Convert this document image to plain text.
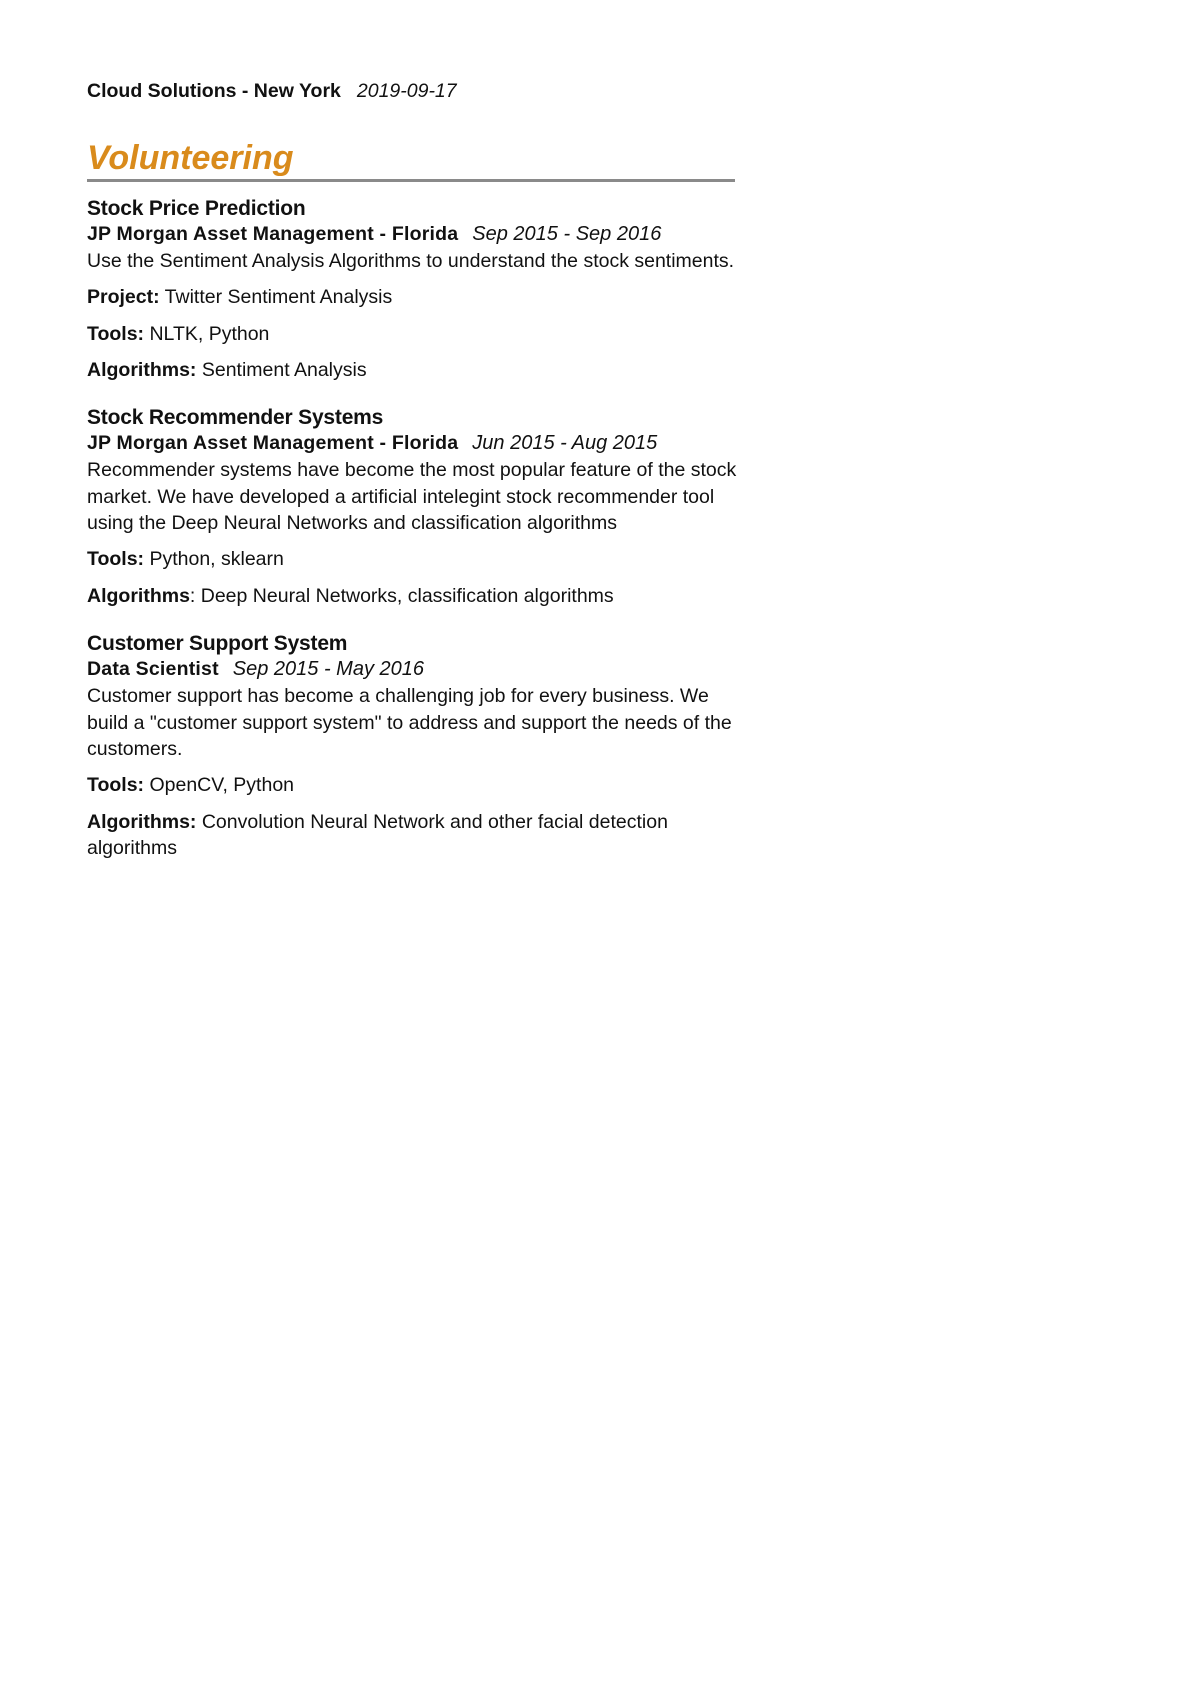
Cloud Solutions - New York 2019-09-17
Volunteering
Stock Price Prediction
JP Morgan Asset Management - Florida Sep 2015 - Sep 2016
Use the Sentiment Analysis Algorithms to understand the stock sentiments.
Project: Twitter Sentiment Analysis
Tools: NLTK, Python
Algorithms: Sentiment Analysis
Stock Recommender Systems
JP Morgan Asset Management - Florida Jun 2015 - Aug 2015
Recommender systems have become the most popular feature of the stock market. We have developed a artificial intelegint stock recommender tool using the Deep Neural Networks and classification algorithms
Tools: Python, sklearn
Algorithms: Deep Neural Networks, classification algorithms
Customer Support System
Data Scientist Sep 2015 - May 2016
Customer support has become a challenging job for every business. We build a "customer support system" to address and support the needs of the customers.
Tools: OpenCV, Python
Algorithms: Convolution Neural Network and other facial detection algorithms
